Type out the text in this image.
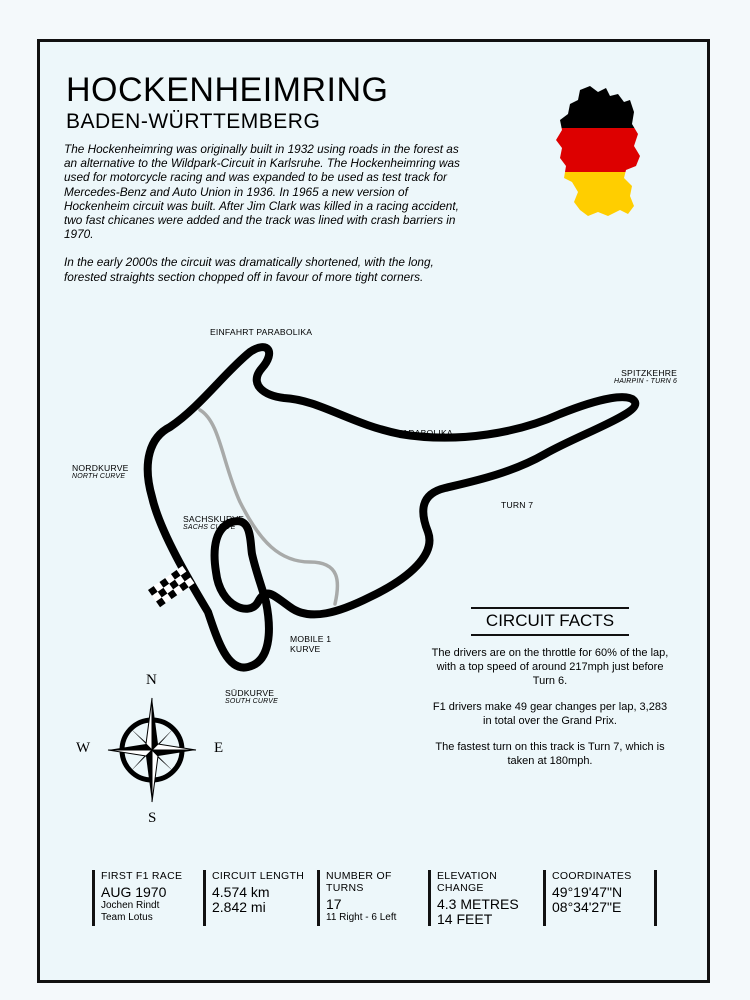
HOCKENHEIMRING
BADEN-WÜRTTEMBERG

The Hockenheimring was originally built in 1932 using roads in the forest as an alternative to the Wildpark-Circuit in Karlsruhe. The Hockenheimring was used for motorcycle racing and was expanded to be used as test track for Mercedes-Benz and Auto Union in 1936. In 1965 a new version of Hockenheim circuit was built. After Jim Clark was killed in a racing accident, two fast chicanes were added and the track was lined with crash barriers in 1970.

In the early 2000s the circuit was dramatically shortened, with the long, forested straights section chopped off in favour of more tight corners.

EINFAHRT PARABOLIKA
SPITZKEHRE
HAIRPIN - TURN 6
PARABOLIKA
NORDKURVE
NORTH CURVE
TURN 7
SACHSKURVE
SACHS CURVE
MOBILE 1
KURVE
SÜDKURVE
SOUTH CURVE
CIRCUIT FACTS

The drivers are on the throttle for 60% of the lap, with a top speed of around 217mph just before Turn 6.

F1 drivers make 49 gear changes per lap, 3,283 in total over the Grand Prix.

The fastest turn on this track is Turn 7, which is taken at 180mph.

N
S
W	E
FIRST F1 RACE
AUG 1970
Jochen Rindt
Team Lotus
CIRCUIT LENGTH
4.574 km
2.842 mi
NUMBER OF TURNS
17
11 Right - 6 Left
ELEVATION CHANGE
4.3 METRES
14 FEET
COORDINATES
49°19'47"N
08°34'27"E
